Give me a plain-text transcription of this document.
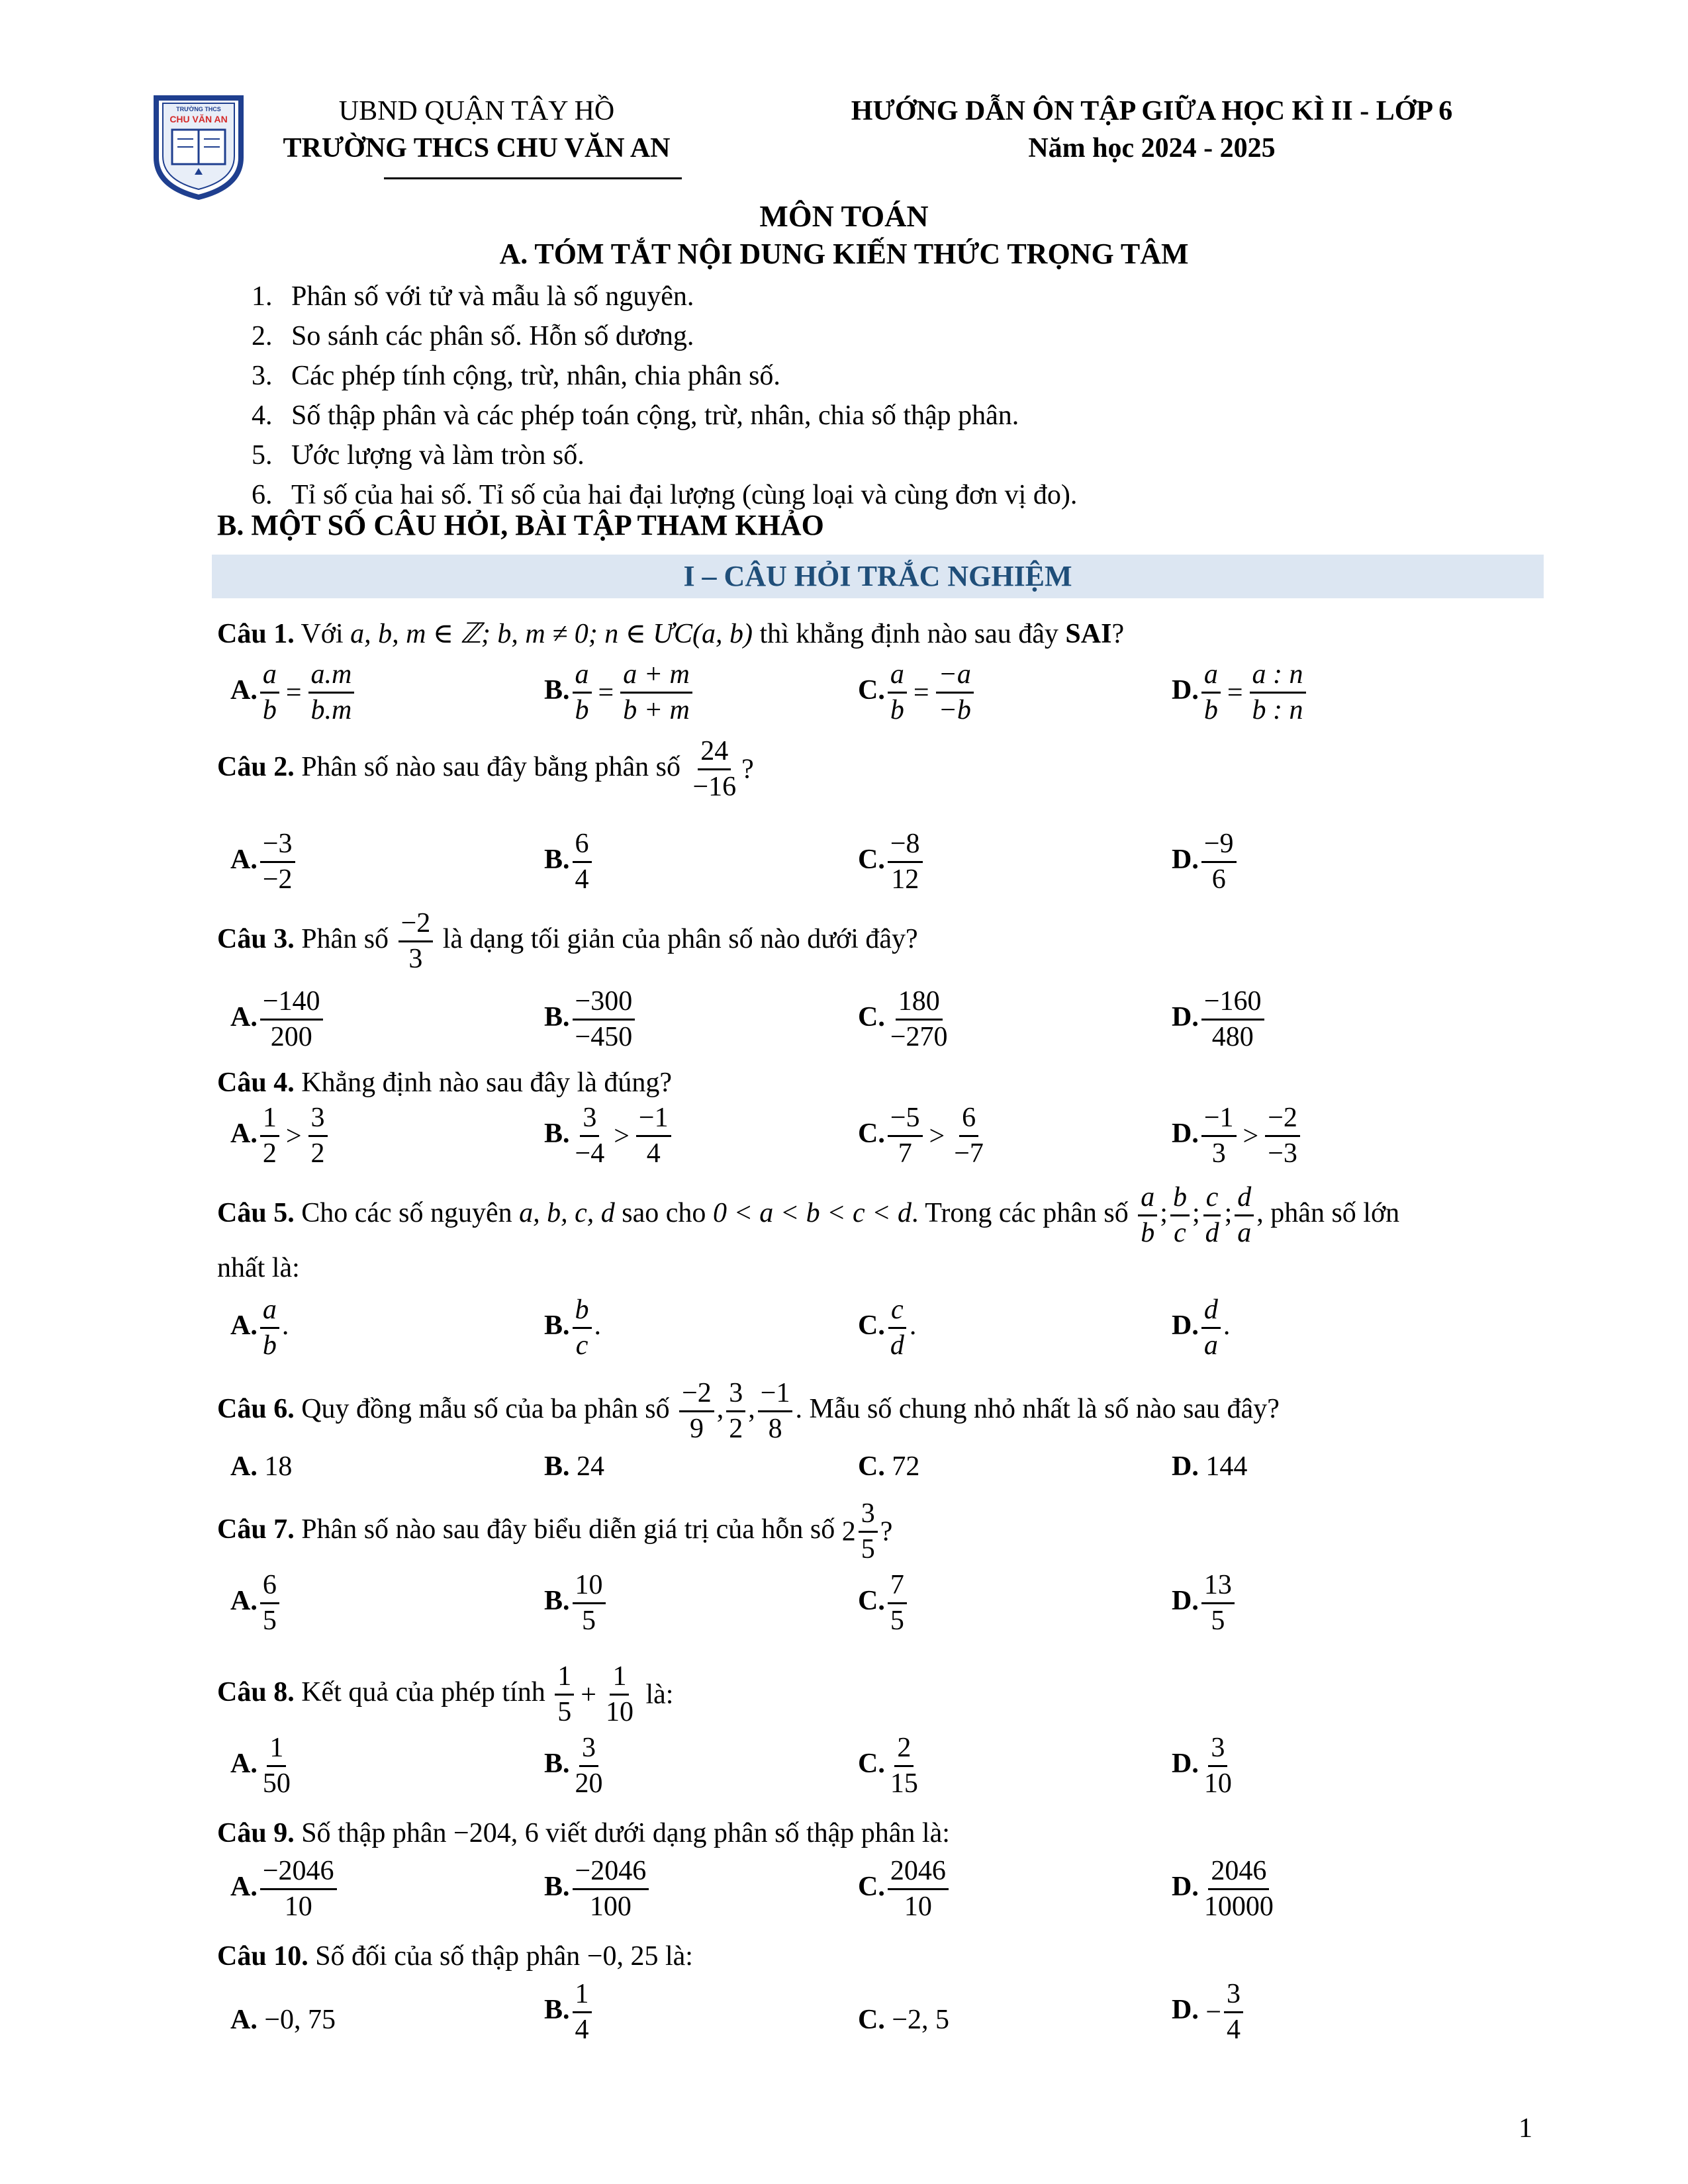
TRƯỜNG THCS
CHU VĂN AN	UBND QUẬN TÂY HỒ
TRƯỜNG THCS CHU VĂN AN
HƯỚNG DẪN ÔN TẬP GIỮA HỌC KÌ II - LỚP 6
Năm học 2024 - 2025
MÔN TOÁN
A. TÓM TẮT NỘI DUNG KIẾN THỨC TRỌNG TÂM
1. Phân số với tử và mẫu là số nguyên.
2. So sánh các phân số. Hỗn số dương.
3. Các phép tính cộng, trừ, nhân, chia phân số.
4. Số thập phân và các phép toán cộng, trừ, nhân, chia số thập phân.
5. Ước lượng và làm tròn số.
6. Tỉ số của hai số. Tỉ số của hai đại lượng (cùng loại và cùng đơn vị đo).
B. MỘT SỐ CÂU HỎI, BÀI TẬP THAM KHẢO
I – CÂU HỎI TRẮC NGHIỆM
Câu 1. Với a, b, m ∈ ℤ; b, m ≠ 0; n ∈ ƯC(a, b) thì khẳng định nào sau đây SAI?
A. $\frac{a}{b} = \frac{a.m}{b.m}$	B. $\frac{a}{b} = \frac{a + m}{b + m}$	C. $\frac{a}{b} = \frac{-a}{-b}$	D. $\frac{a}{b} = \frac{a : n}{b : n}$
Câu 2. Phân số nào sau đây bằng phân số $\frac{24}{-16}$ ?
A. $\frac{-3}{-2}$	B. $\frac{6}{4}$	C. $\frac{-8}{12}$	D. $\frac{-9}{6}$
Câu 3. Phân số $\frac{-2}{3}$ là dạng tối giản của phân số nào dưới đây?
A. $\frac{-140}{200}$	B. $\frac{-300}{-450}$	C. $\frac{180}{-270}$	D. $\frac{-160}{480}$
Câu 4. Khẳng định nào sau đây là đúng?
A. $\frac{1}{2} > \frac{3}{2}$	B. $\frac{3}{-4} > \frac{-1}{4}$	C. $\frac{-5}{7} > \frac{6}{-7}$	D. $\frac{-1}{3} > \frac{-2}{-3}$
Câu 5. Cho các số nguyên a, b, c, d sao cho 0 < a < b < c < d. Trong các phân số $\frac{a}{b}$ ; $\frac{b}{c}$ ; $\frac{c}{d}$ ; $\frac{d}{a}$ , phân số lớn
nhất là:
A. $\frac{a}{b}$ .	B. $\frac{b}{c}$ .	C. $\frac{c}{d}$ .	D. $\frac{d}{a}$ .
Câu 6. Quy đồng mẫu số của ba phân số $\frac{-2}{9}$ , $\frac{3}{2}$ , $\frac{-1}{8}$ . Mẫu số chung nhỏ nhất là số nào sau đây?
A. 18	B. 24	C. 72	D. 144
Câu 7. Phân số nào sau đây biểu diễn giá trị của hỗn số $2 \frac{3}{5}$ ?
A. $\frac{6}{5}$	B. $\frac{10}{5}$	C. $\frac{7}{5}$	D. $\frac{13}{5}$
Câu 8. Kết quả của phép tính $\frac{1}{5} + \frac{1}{10}$ là:
A. $\frac{1}{50}$	B. $\frac{3}{20}$	C. $\frac{2}{15}$	D. $\frac{3}{10}$
Câu 9. Số thập phân −204, 6 viết dưới dạng phân số thập phân là:
A. $\frac{-2046}{10}$	B. $\frac{-2046}{100}$	C. $\frac{2046}{10}$	D. $\frac{2046}{10000}$
Câu 10. Số đối của số thập phân −0, 25 là:
A. −0, 75	B. $\frac{1}{4}$	C. −2, 5	D. − $\frac{3}{4}$
1
